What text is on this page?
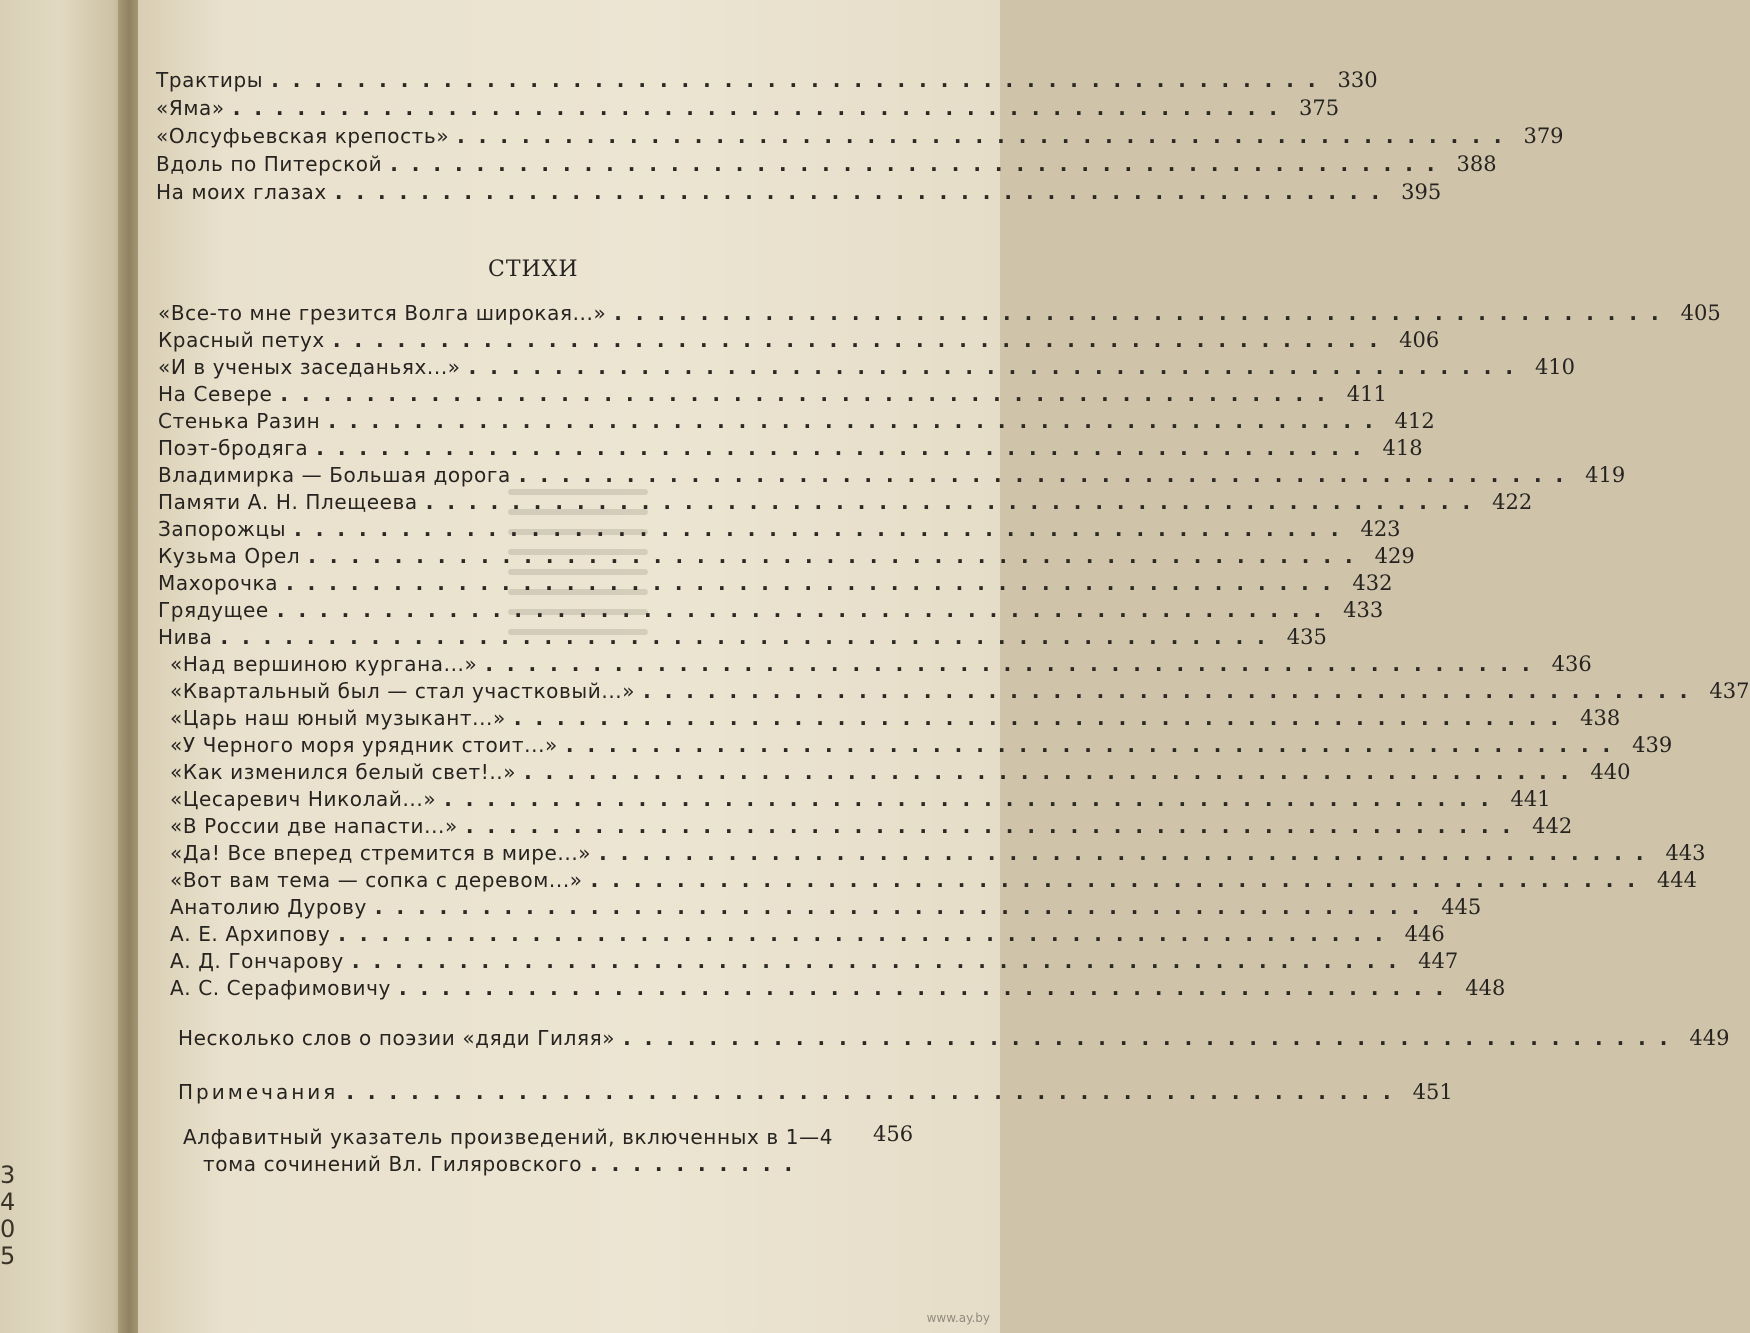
3
4
0
5
Трактиры ................................................. 330
«Яма» ................................................. 375
«Олсуфьевская крепость» ................................................. 379
Вдоль по Питерской ................................................. 388
На моих глазах ................................................. 395
СТИХИ
«Все-то мне грезится Волга широкая...» ................................................. 405
Красный петух ................................................. 406
«И в ученых заседаньях...» ................................................. 410
На Севере ................................................. 411
Стенька Разин ................................................. 412
Поэт-бродяга ................................................. 418
Владимирка — Большая дорога ................................................. 419
Памяти А. Н. Плещеева ................................................. 422
Запорожцы ................................................. 423
Кузьма Орел ................................................. 429
Махорочка ................................................. 432
Грядущее ................................................. 433
Нива ................................................. 435
«Над вершиною кургана...» ................................................. 436
«Квартальный был — стал участковый...» ................................................. 437
«Царь наш юный музыкант...» ................................................. 438
«У Черного моря урядник стоит...» ................................................. 439
«Как изменился белый свет!..» ................................................. 440
«Цесаревич Николай...» ................................................. 441
«В России две напасти...» ................................................. 442
«Да! Все вперед стремится в мире...» ................................................. 443
«Вот вам тема — сопка с деревом...» ................................................. 444
Анатолию Дурову ................................................. 445
А. Е. Архипову ................................................. 446
А. Д. Гончарову ................................................. 447
А. С. Серафимовичу ................................................. 448
Несколько слов о поэзии «дяди Гиляя» ................................................. 449
Примечания ................................................. 451
Алфавитный указатель произведений, включенных в 1—4
тома сочинений Вл. Гиляровского ..........
456
www.ay.by
